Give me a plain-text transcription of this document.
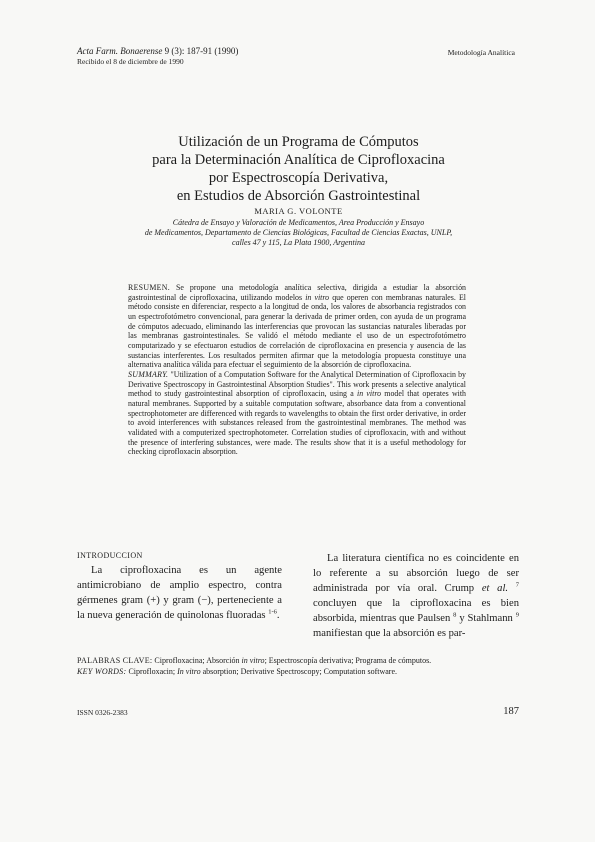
Acta Farm. Bonaerense 9 (3): 187-91 (1990)
Recibido el 8 de diciembre de 1990
Metodología Analítica
Utilización de un Programa de Cómputos
para la Determinación Analítica de Ciprofloxacina
por Espectroscopía Derivativa,
en Estudios de Absorción Gastrointestinal
MARIA G. VOLONTE
Cátedra de Ensayo y Valoración de Medicamentos, Area Producción y Ensayo
de Medicamentos, Departamento de Ciencias Biológicas, Facultad de Ciencias Exactas, UNLP,
calles 47 y 115, La Plata 1900, Argentina

RESUMEN. Se propone una metodología analítica selectiva, dirigida a estudiar la absorción gastrointestinal de ciprofloxacina, utilizando modelos in vitro que operen con membranas naturales. El método consiste en diferenciar, respecto a la longitud de onda, los valores de absorbancia registrados con un espectrofotómetro convencional, para generar la derivada de primer orden, con ayuda de un programa de cómputos adecuado, eliminando las interferencias que provocan las sustancias naturales liberadas por las membranas gastrointestinales. Se validó el método mediante el uso de un espectrofotómetro computarizado y se efectuaron estudios de correlación de ciprofloxacina en presencia y ausencia de las sustancias interferentes. Los resultados permiten afirmar que la metodología propuesta constituye una alternativa analítica válida para efectuar el seguimiento de la absorción de ciprofloxacina.

SUMMARY. "Utilization of a Computation Software for the Analytical Determination of Ciprofloxacin by Derivative Spectroscopy in Gastrointestinal Absorption Studies". This work presents a selective analytical method to study gastrointestinal absorption of ciprofloxacin, using a in vitro model that operates with natural membranes. Supported by a suitable computation software, absorbance data from a conventional spectrophotometer are differenced with regards to wavelengths to obtain the first order derivative, in order to avoid interferences with substances released from the gastrointestinal membranes. The method was validated with a computerized spectrophotometer. Correlation studies of ciprofloxacin, with and without the presence of interfering substances, were made. The results show that it is a useful methodology for checking ciprofloxacin absorption.

INTRODUCCION

La ciprofloxacina es un agente antimicrobiano de amplio espectro, contra gérmenes gram (+) y gram (−), perteneciente a la nueva generación de quinolonas fluoradas $^{1-6}$.

La literatura científica no es coincidente en lo referente a su absorción luego de ser administrada por vía oral. Crump et al. $^7$ concluyen que la ciprofloxacina es bien absorbida, mientras que Paulsen $^8$ y Stahlmann $^9$ manifiestan que la absorción es par-

PALABRAS CLAVE: Ciprofloxacina; Absorción in vitro; Espectroscopía derivativa; Programa de cómputos.

KEY WORDS: Ciprofloxacin; In vitro absorption; Derivative Spectroscopy; Computation software.

ISSN 0326-2383	187
